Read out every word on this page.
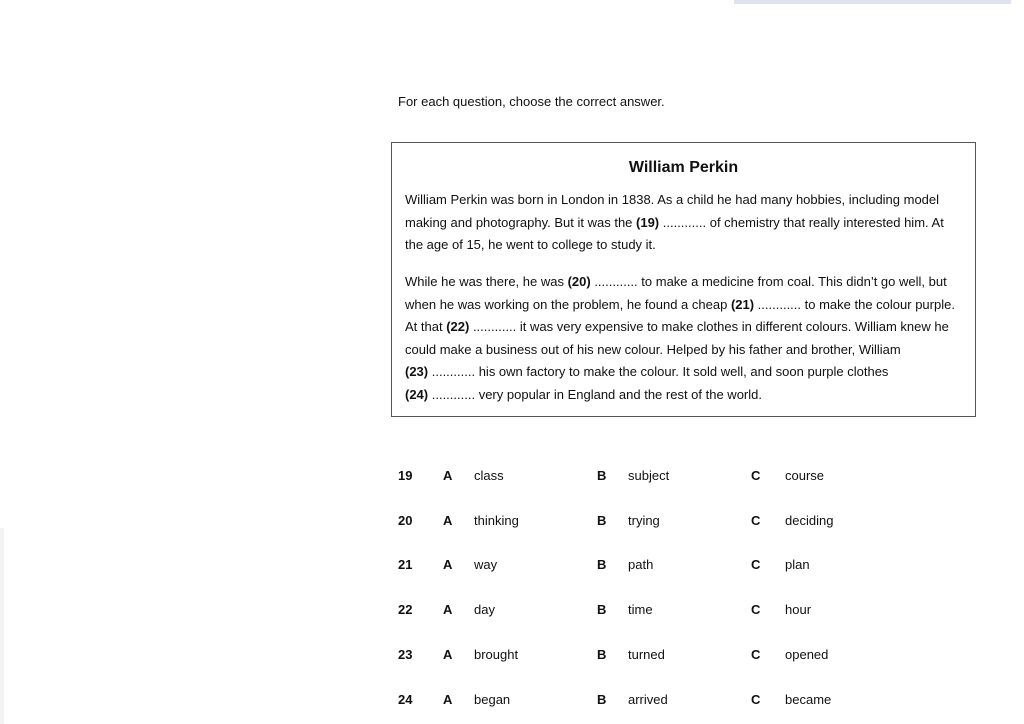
For each question, choose the correct answer.
William Perkin
William Perkin was born in London in 1838. As a child he had many hobbies, including model
making and photography. But it was the (19) ............ of chemistry that really interested him. At
the age of 15, he went to college to study it.
While he was there, he was (20) ............ to make a medicine from coal. This didn’t go well, but
when he was working on the problem, he found a cheap (21) ............ to make the colour purple.
At that (22) ............ it was very expensive to make clothes in different colours. William knew he
could make a business out of his new colour. Helped by his father and brother, William
(23) ............ his own factory to make the colour. It sold well, and soon purple clothes
(24) ............ very popular in England and the rest of the world.
19 A class	B subject	C course
20 A thinking	B trying	C deciding
21 A way	B path	C plan
22 A day	B time	C hour
23 A brought	B turned	C opened
24 A began	B arrived	C became
